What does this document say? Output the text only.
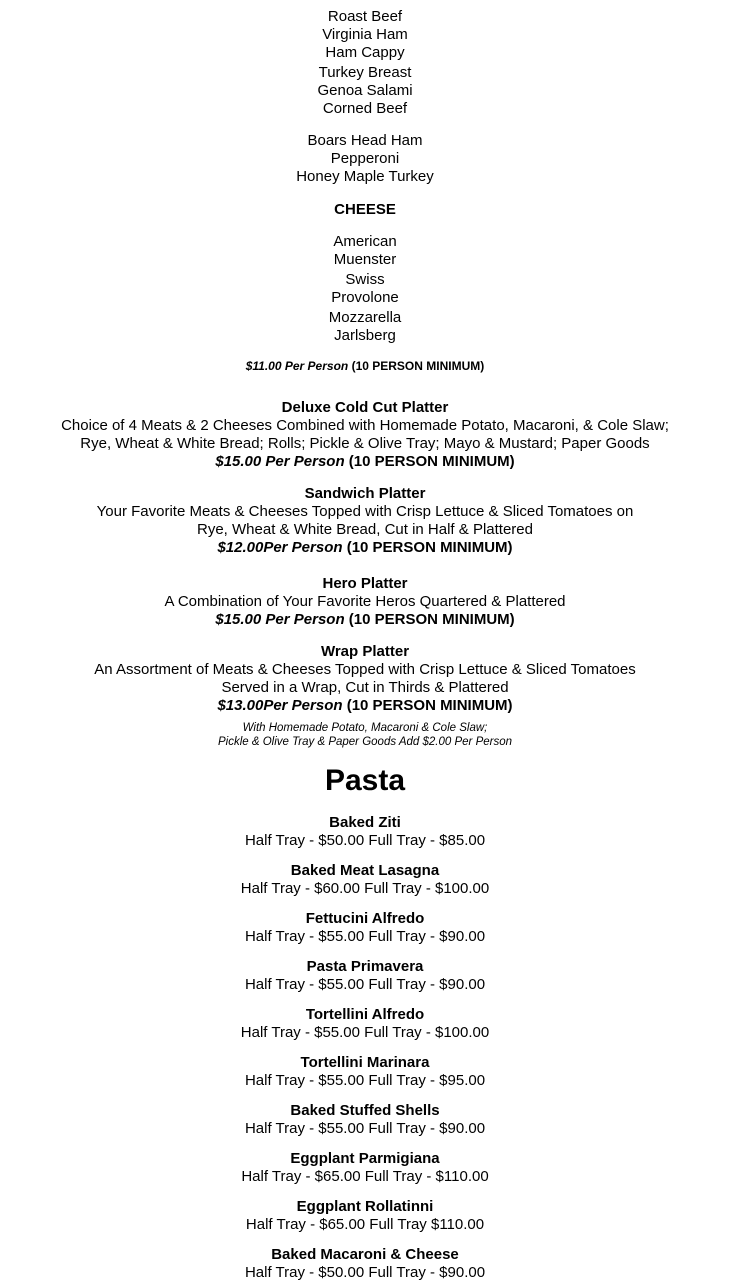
Roast Beef
Virginia Ham
Ham Cappy
Turkey Breast
Genoa Salami
Corned Beef
Boars Head Ham
Pepperoni
Honey Maple Turkey
CHEESE
American
Muenster
Swiss
Provolone
Mozzarella
Jarlsberg
$11.00 Per Person (10 PERSON MINIMUM)
Deluxe Cold Cut Platter
Choice of 4 Meats & 2 Cheeses Combined with Homemade Potato, Macaroni, & Cole Slaw;
Rye, Wheat & White Bread; Rolls; Pickle & Olive Tray; Mayo & Mustard; Paper Goods
$15.00 Per Person (10 PERSON MINIMUM)
Sandwich Platter
Your Favorite Meats & Cheeses Topped with Crisp Lettuce & Sliced Tomatoes on
Rye, Wheat & White Bread, Cut in Half & Plattered
$12.00Per Person (10 PERSON MINIMUM)
Hero Platter
A Combination of Your Favorite Heros Quartered & Plattered
$15.00 Per Person (10 PERSON MINIMUM)
Wrap Platter
An Assortment of Meats & Cheeses Topped with Crisp Lettuce & Sliced Tomatoes
Served in a Wrap, Cut in Thirds & Plattered
$13.00Per Person (10 PERSON MINIMUM)
With Homemade Potato, Macaroni & Cole Slaw;
Pickle & Olive Tray & Paper Goods Add $2.00 Per Person
Pasta
Baked Ziti
Half Tray - $50.00 Full Tray - $85.00
Baked Meat Lasagna
Half Tray - $60.00 Full Tray - $100.00
Fettucini Alfredo
Half Tray - $55.00 Full Tray - $90.00
Pasta Primavera
Half Tray - $55.00 Full Tray - $90.00
Tortellini Alfredo
Half Tray - $55.00 Full Tray - $100.00
Tortellini Marinara
Half Tray - $55.00 Full Tray - $95.00
Baked Stuffed Shells
Half Tray - $55.00 Full Tray - $90.00
Eggplant Parmigiana
Half Tray - $65.00 Full Tray - $110.00
Eggplant Rollatinni
Half Tray - $65.00 Full Tray $110.00
Baked Macaroni & Cheese
Half Tray - $50.00 Full Tray - $90.00
